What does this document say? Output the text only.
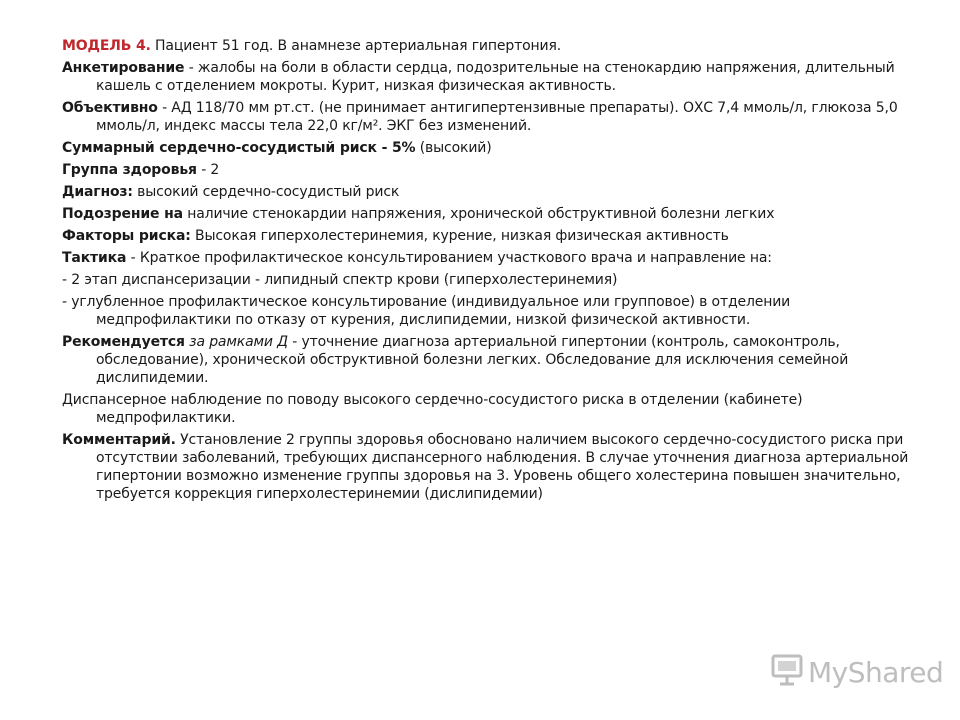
МОДЕЛЬ 4. Пациент 51 год. В анамнезе артериальная гипертония.

Анкетирование - жалобы на боли в области сердца, подозрительные на стенокардию напряжения, длительный кашель с отделением мокроты. Курит, низкая физическая активность.

Объективно - АД 118/70 мм рт.ст. (не принимает антигипертензивные препараты). ОХС 7,4 ммоль/л, глюкоза 5,0 ммоль/л, индекс массы тела 22,0 кг/м². ЭКГ без изменений.

Суммарный сердечно-сосудистый риск - 5% (высокий)

Группа здоровья - 2

Диагноз: высокий сердечно-сосудистый риск

Подозрение на наличие стенокардии напряжения, хронической обструктивной болезни легких

Факторы риска: Высокая гиперхолестеринемия, курение, низкая физическая активность

Тактика - Краткое профилактическое консультированием участкового врача и направление на:

- 2 этап диспансеризации - липидный спектр крови (гиперхолестеринемия)

- углубленное профилактическое консультирование (индивидуальное или групповое) в отделении медпрофилактики по отказу от курения, дислипидемии, низкой физической активности.

Рекомендуется за рамками Д - уточнение диагноза артериальной гипертонии (контроль, самоконтроль, обследование), хронической обструктивной болезни легких. Обследование для исключения семейной дислипидемии.

Диспансерное наблюдение по поводу высокого сердечно-сосудистого риска в отделении (кабинете) медпрофилактики.

Комментарий. Установление 2 группы здоровья обосновано наличием высокого сердечно-сосудистого риска при отсутствии заболеваний, требующих диспансерного наблюдения. В случае уточнения диагноза артериальной гипертонии возможно изменение группы здоровья на 3. Уровень общего холестерина повышен значительно, требуется коррекция гиперхолестеринемии (дислипидемии)

MyShared
